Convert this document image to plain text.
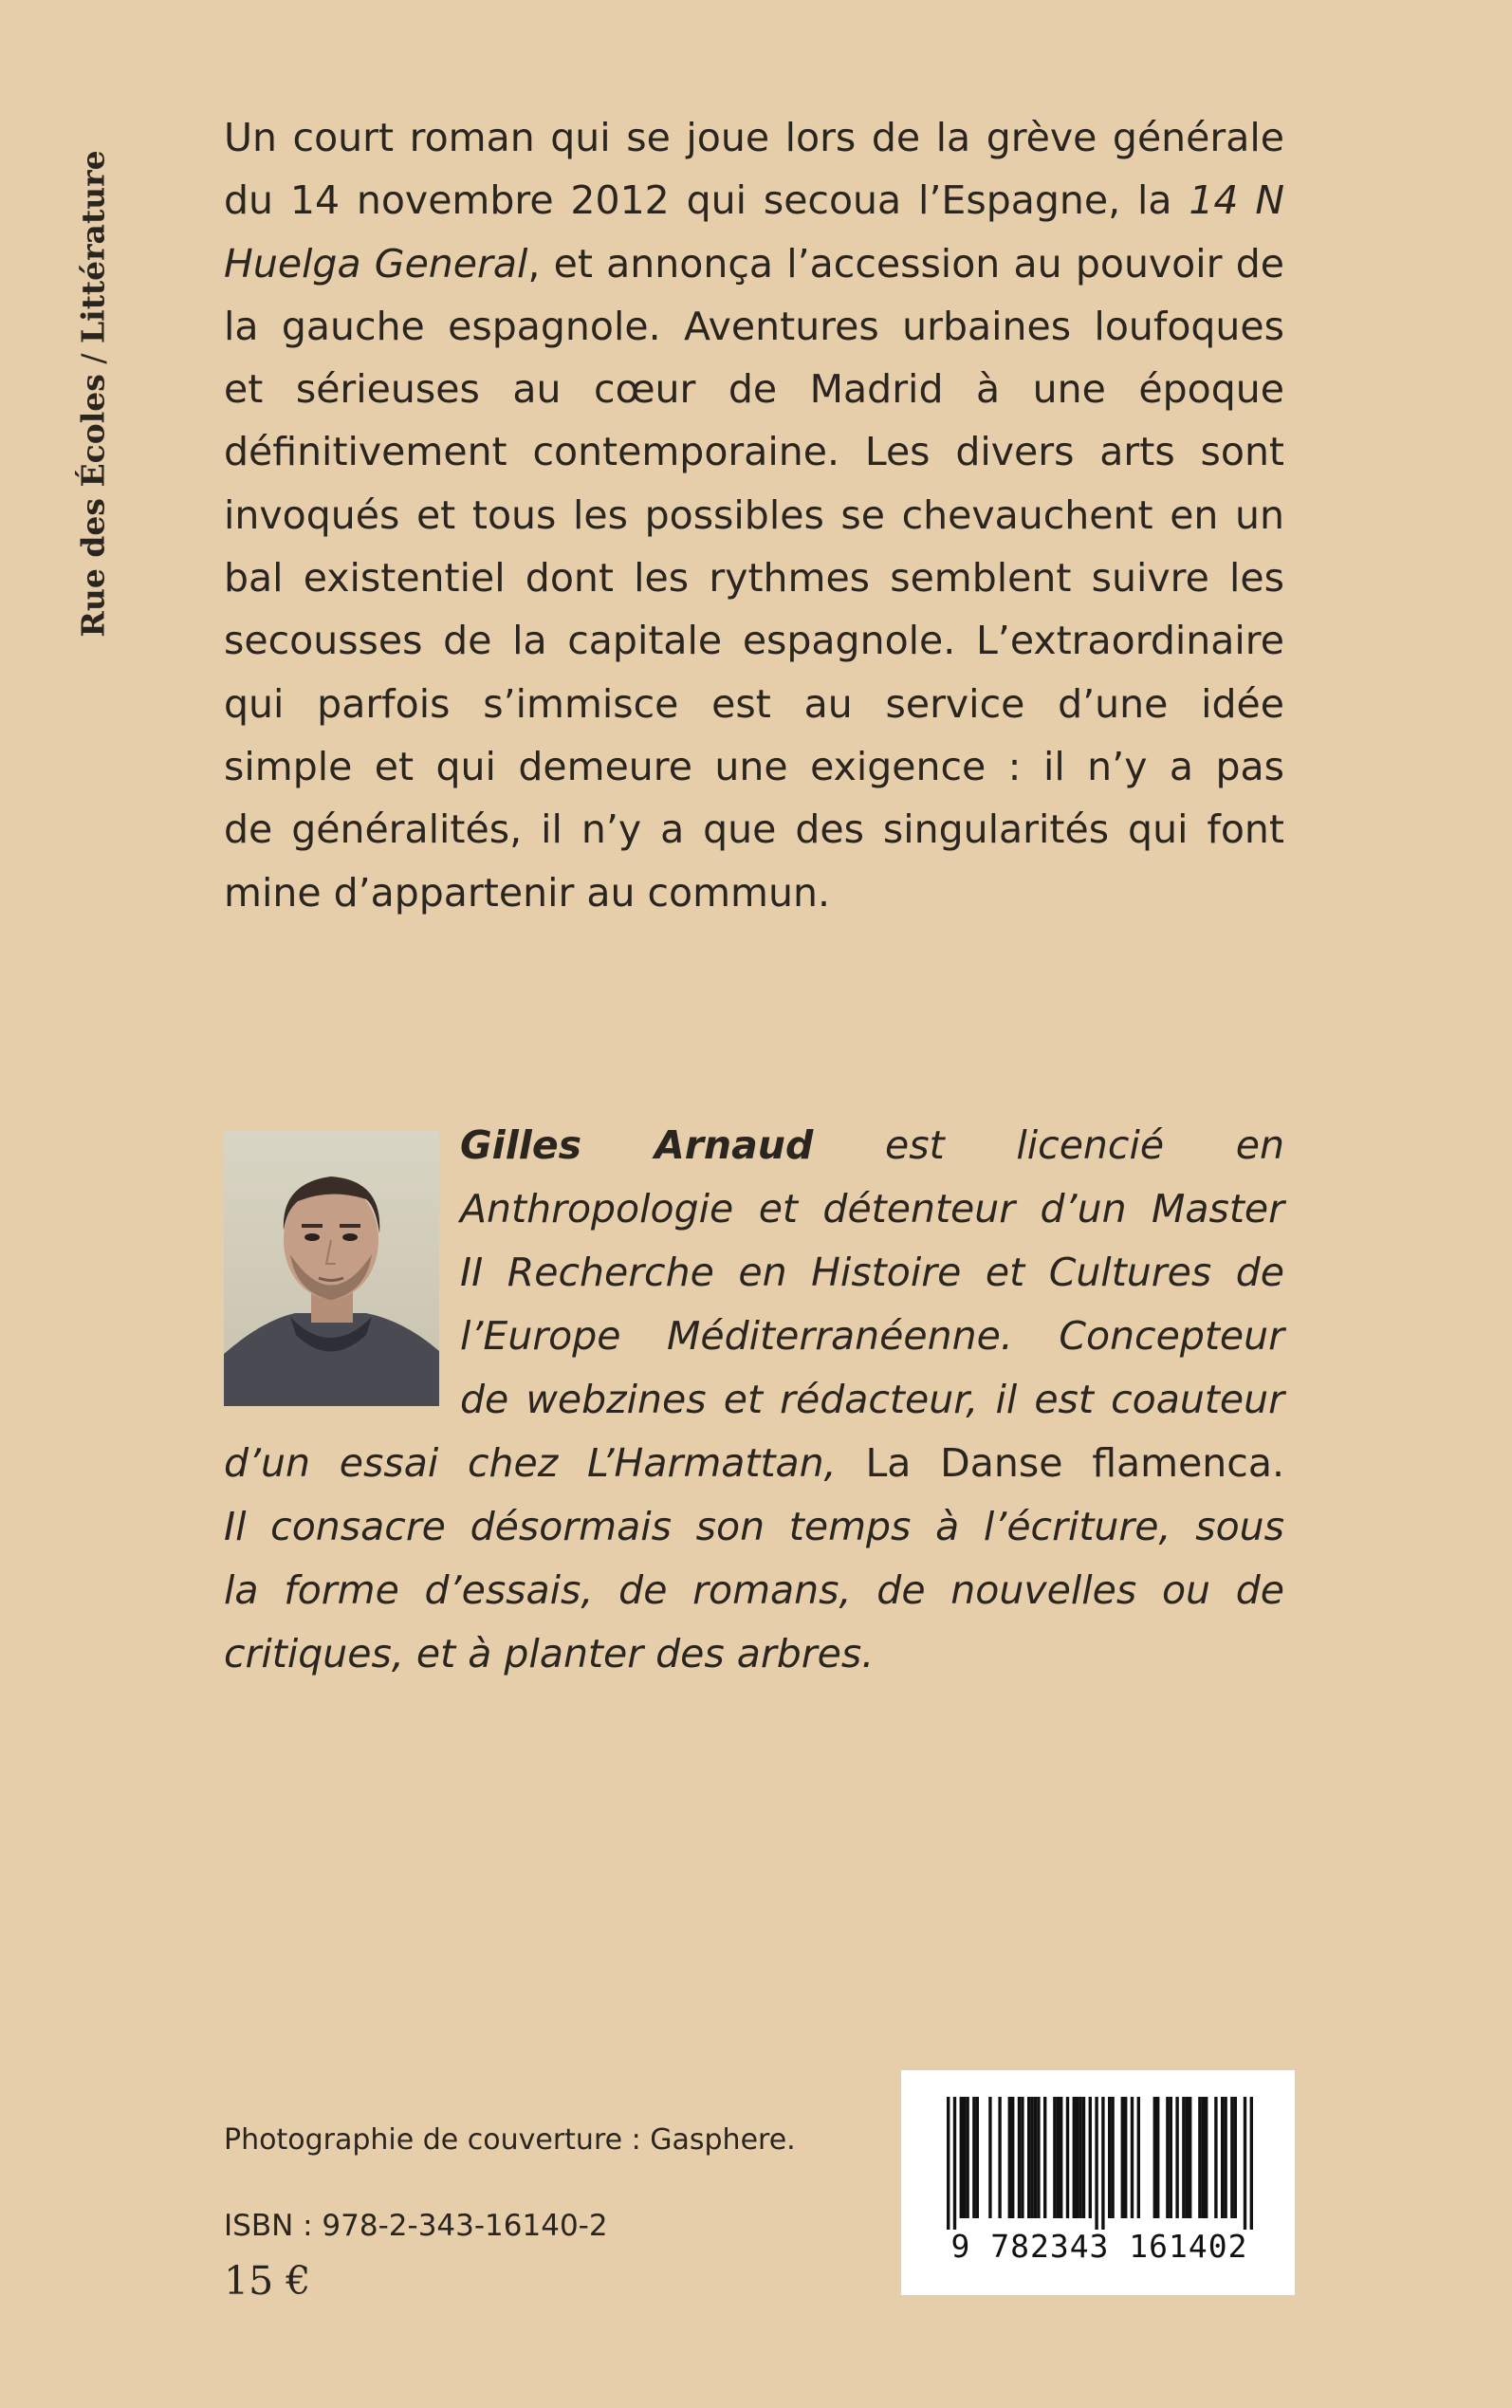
Rue des Écoles / Littérature
Un court roman qui se joue lors de la grève générale
du 14 novembre 2012 qui secoua l’Espagne, la 14 N
Huelga General, et annonça l’accession au pouvoir de
la gauche espagnole. Aventures urbaines loufoques
et sérieuses au cœur de Madrid à une époque
définitivement contemporaine. Les divers arts sont
invoqués et tous les possibles se chevauchent en un
bal existentiel dont les rythmes semblent suivre les
secousses de la capitale espagnole. L’extraordinaire
qui parfois s’immisce est au service d’une idée
simple et qui demeure une exigence : il n’y a pas
de généralités, il n’y a que des singularités qui font
mine d’appartenir au commun.
Gilles Arnaud est licencié en
Anthropologie et détenteur d’un Master
II Recherche en Histoire et Cultures de
l’Europe Méditerranéenne. Concepteur
de webzines et rédacteur, il est coauteur
d’un essai chez L’Harmattan, La Danse flamenca.
Il consacre désormais son temps à l’écriture, sous
la forme d’essais, de romans, de nouvelles ou de
critiques, et à planter des arbres.
Photographie de couverture : Gasphere.
ISBN : 978-2-343-16140-2
15 €
9 782343 161402
